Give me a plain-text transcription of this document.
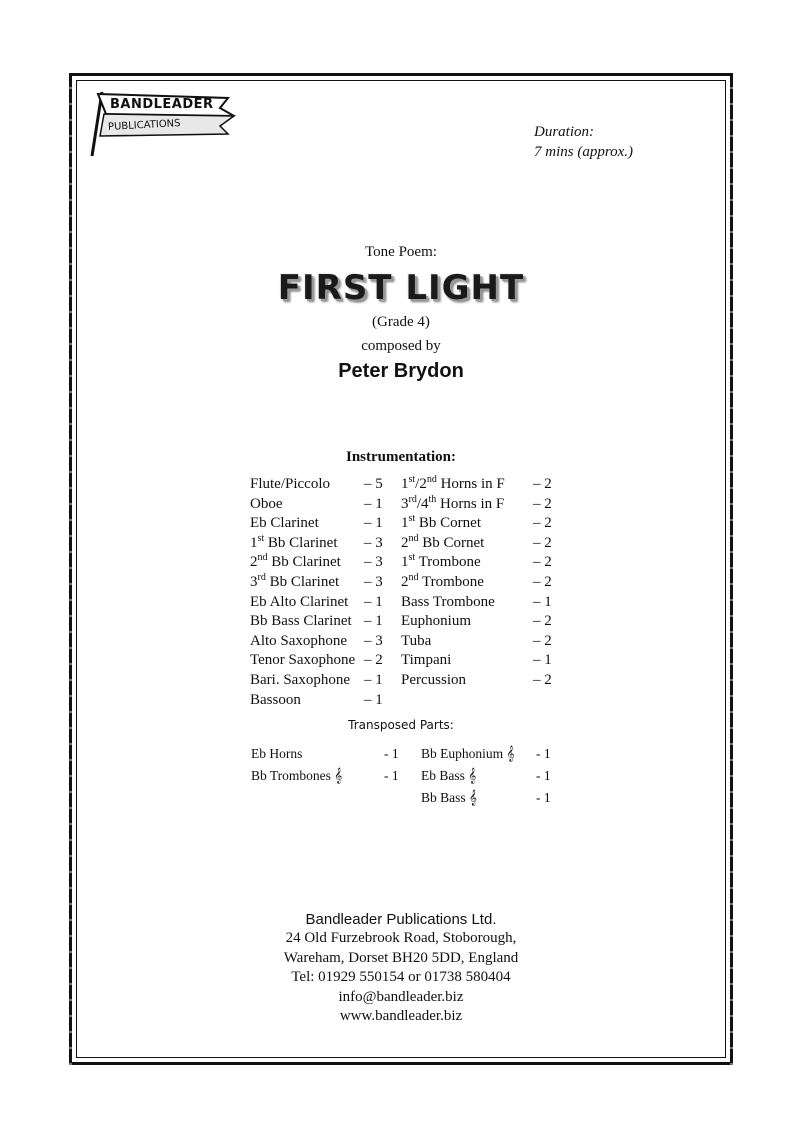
BANDLEADER
PUBLICATIONS	Duration:
7 mins (approx.)
Tone Poem:
FIRST LIGHT
(Grade 4)
composed by
Peter Brydon
Instrumentation:
Flute/Piccolo – 5
Oboe	– 1
Eb Clarinet	– 1
1st Bb Clarinet – 3
2nd Bb Clarinet – 3
3rd Bb Clarinet – 3
Eb Alto Clarinet – 1
Bb Bass Clarinet – 1
Alto Saxophone – 3
Tenor Saxophone – 2
Bari. Saxophone – 1
Bassoon	– 1
1st/2nd Horns in F – 2
3rd/4th Horns in F – 2
1st Bb Cornet	– 2
2nd Bb Cornet	– 2
1st Trombone	– 2
2nd Trombone	– 2
Bass Trombone	– 1
Euphonium	– 2
Tuba	– 2
Timpani	– 1
Percussion	– 2
Transposed Parts:
Eb Horns	- 1
Bb Trombones 𝄞	- 1
Bb Euphonium 𝄞 - 1
Eb Bass 𝄞	- 1
Bb Bass 𝄞	- 1
Bandleader Publications Ltd.
24 Old Furzebrook Road, Stoborough,
Wareham, Dorset BH20 5DD, England
Tel: 01929 550154 or 01738 580404
info@bandleader.biz
www.bandleader.biz
